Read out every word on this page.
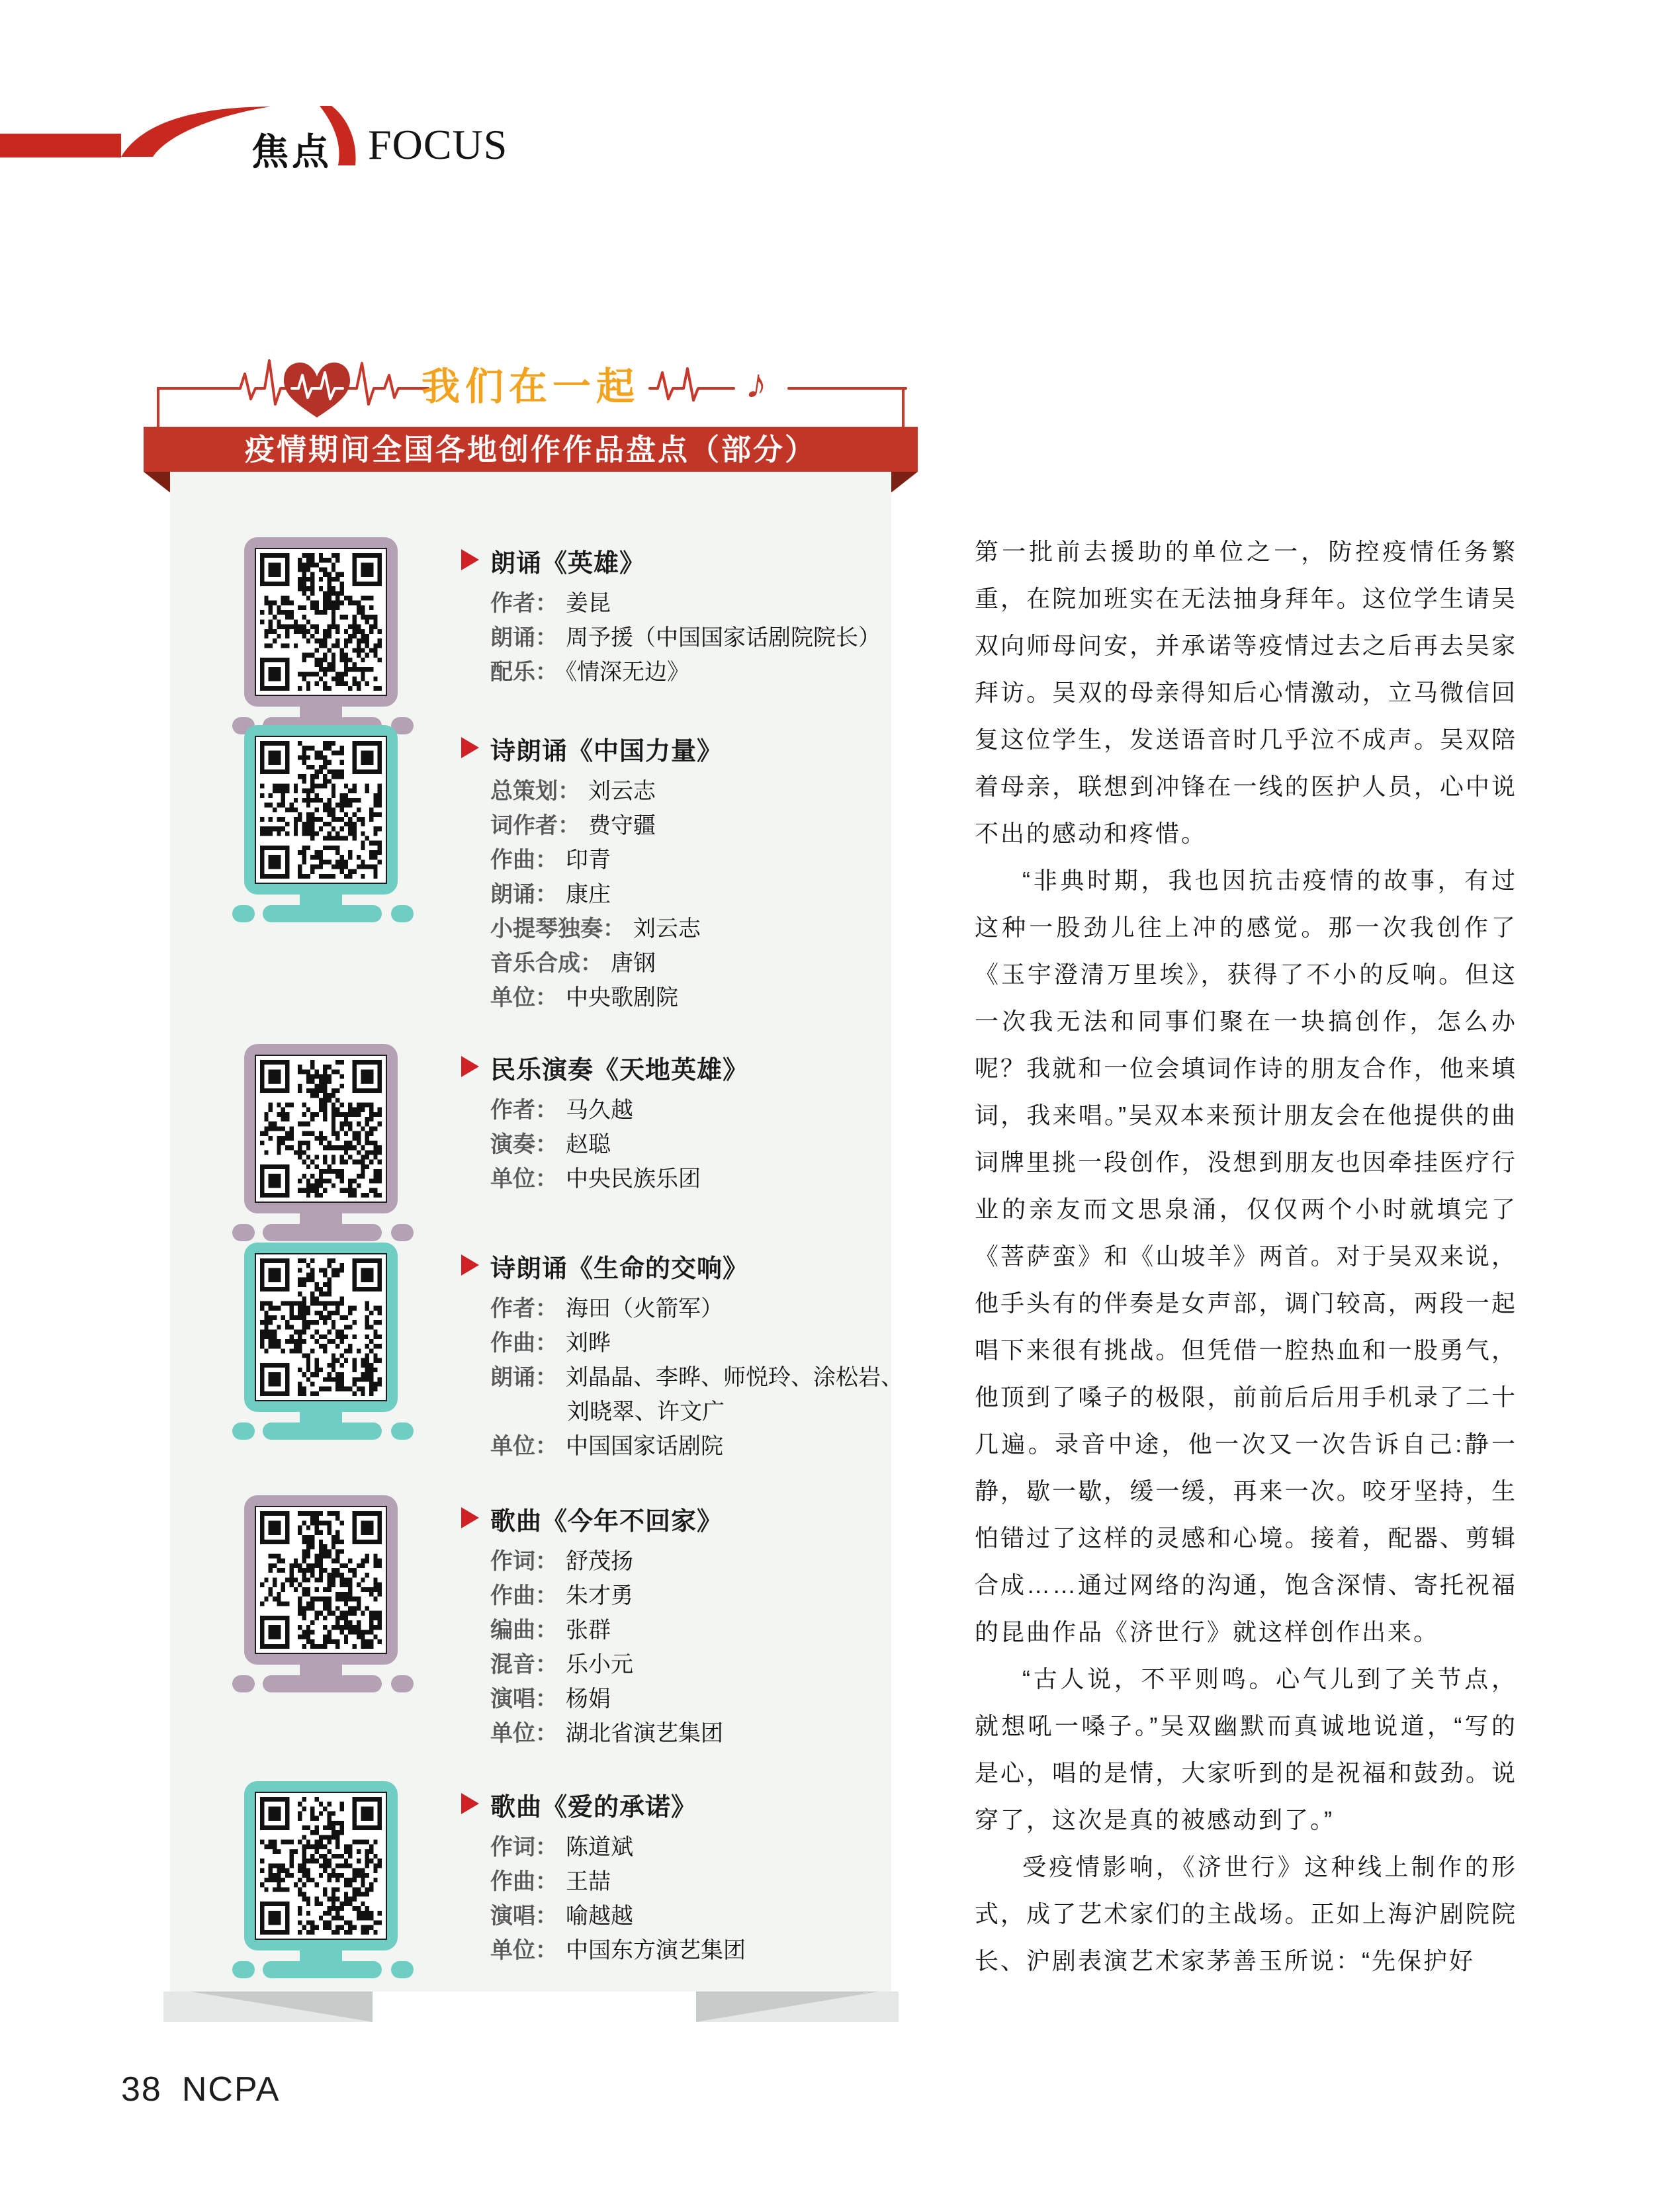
焦点 FOCUS
我们在一起	♪
疫情期间全国各地创作作品盘点（部分）
朗诵《英雄》
作者： 姜昆
朗诵： 周予援（中国国家话剧院院长）
配乐： 《情深无边》
诗朗诵《中国力量》
总策划： 刘云志
词作者： 费守疆
作曲： 印青
朗诵： 康庄
小提琴独奏： 刘云志
音乐合成： 唐钢
单位： 中央歌剧院
民乐演奏《天地英雄》
作者： 马久越
演奏： 赵聪
单位： 中央民族乐团
诗朗诵《生命的交响》
作者： 海田（火箭军）
作曲： 刘晔
朗诵： 刘晶晶、李晔、师悦玲、涂松岩、
刘晓翠、许文广
单位： 中国国家话剧院
歌曲《今年不回家》
作词： 舒茂扬
作曲： 朱才勇
编曲： 张群
混音： 乐小元
演唱： 杨娟
单位： 湖北省演艺集团
歌曲《爱的承诺》
作词： 陈道斌
作曲： 王喆
演唱： 喻越越
单位： 中国东方演艺集团

第一批前去援助的单位之一，防控疫情任务繁重，在院加班实在无法抽身拜年。这位学生请吴双向师母问安，并承诺等疫情过去之后再去吴家拜访。吴双的母亲得知后心情激动，立马微信回复这位学生，发送语音时几乎泣不成声。吴双陪着母亲，联想到冲锋在一线的医护人员，心中说不出的感动和疼惜。

“非典时期，我也因抗击疫情的故事，有过这种一股劲儿往上冲的感觉。那一次我创作了《玉宇澄清万里埃》，获得了不小的反响。但这一次我无法和同事们聚在一块搞创作，怎么办呢？我就和一位会填词作诗的朋友合作，他来填词，我来唱。”吴双本来预计朋友会在他提供的曲词牌里挑一段创作，没想到朋友也因牵挂医疗行业的亲友而文思泉涌，仅仅两个小时就填完了《菩萨蛮》和《山坡羊》两首。对于吴双来说，他手头有的伴奏是女声部，调门较高，两段一起唱下来很有挑战。但凭借一腔热血和一股勇气，他顶到了嗓子的极限，前前后后用手机录了二十几遍。录音中途，他一次又一次告诉自己:静一静，歇一歇，缓一缓，再来一次。咬牙坚持，生怕错过了这样的灵感和心境。接着，配器、剪辑合成……通过网络的沟通，饱含深情、寄托祝福的昆曲作品《济世行》就这样创作出来。

“古人说，不平则鸣。心气儿到了关节点，就想吼一嗓子。”吴双幽默而真诚地说道，“写的是心，唱的是情，大家听到的是祝福和鼓劲。说穿了，这次是真的被感动到了。”

受疫情影响，《济世行》这种线上制作的形式，成了艺术家们的主战场。正如上海沪剧院院长、沪剧表演艺术家茅善玉所说：“先保护好

38 NCPA
